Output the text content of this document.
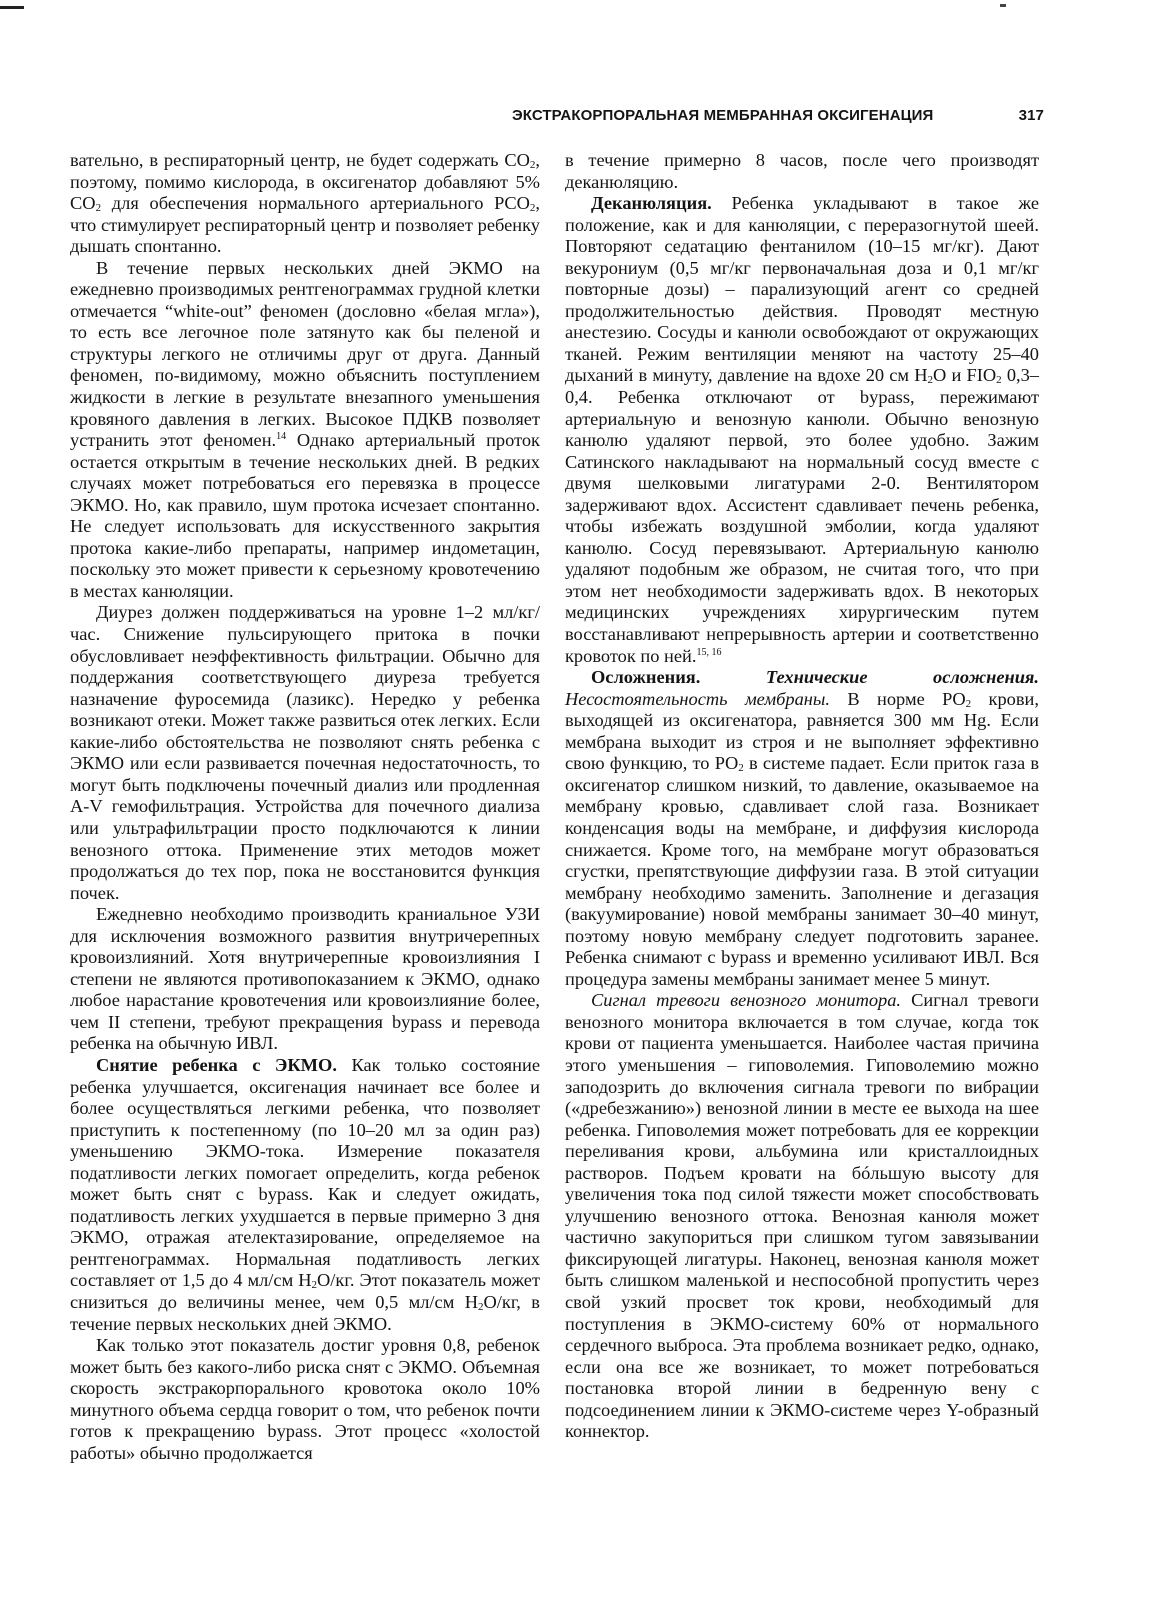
ЭКСТРАКОРПОРАЛЬНАЯ МЕМБРАННАЯ ОКСИГЕНАЦИЯ	317

вательно, в респираторный центр, не будет содержать $CO_2$, поэтому, помимо кислорода, в оксигенатор добавляют 5% $CO_2$ для обеспечения нормального артериального $PCO_2$, что стимулирует респираторный центр и позволяет ребенку дышать спонтанно.

В течение первых нескольких дней ЭКМО на ежедневно производимых рентгенограммах грудной клетки отмечается “white-out” феномен (дословно «белая мгла»), то есть все легочное поле затянуто как бы пеленой и структуры легкого не отличимы друг от друга. Данный феномен, по-видимому, можно объяснить поступлением жидкости в легкие в результате внезапного уменьшения кровяного давления в легких. Высокое ПДКВ позволяет устранить этот феномен.$^{14}$ Однако артериальный проток остается открытым в течение нескольких дней. В редких случаях может потребоваться его перевязка в процессе ЭКМО. Но, как правило, шум протока исчезает спонтанно. Не следует использовать для искусственного закрытия протока какие-либо препараты, например индометацин, поскольку это может привести к серьезному кровотечению в местах канюляции.

Диурез должен поддерживаться на уровне 1–2 мл/кг/час. Снижение пульсирующего притока в почки обусловливает неэффективность фильтрации. Обычно для поддержания соответствующего диуреза требуется назначение фуросемида (лазикс). Нередко у ребенка возникают отеки. Может также развиться отек легких. Если какие-либо обстоятельства не позволяют снять ребенка с ЭКМО или если развивается почечная недостаточность, то могут быть подключены почечный диализ или продленная A-V гемофильтрация. Устройства для почечного диализа или ультрафильтрации просто подключаются к линии венозного оттока. Применение этих методов может продолжаться до тех пор, пока не восстановится функция почек.

Ежедневно необходимо производить краниальное УЗИ для исключения возможного развития внутричерепных кровоизлияний. Хотя внутричерепные кровоизлияния I степени не являются противопоказанием к ЭКМО, однако любое нарастание кровотечения или кровоизлияние более, чем II степени, требуют прекращения bypass и перевода ребенка на обычную ИВЛ.

Снятие ребенка с ЭКМО. Как только состояние ребенка улучшается, оксигенация начинает все более и более осуществляться легкими ребенка, что позволяет приступить к постепенному (по 10–20 мл за один раз) уменьшению ЭКМО-тока. Измерение показателя податливости легких помогает определить, когда ребенок может быть снят с bypass. Как и следует ожидать, податливость легких ухудшается в первые примерно 3 дня ЭКМО, отражая ателектазирование, определяемое на рентгенограммах. Нормальная податливость легких составляет от 1,5 до 4 мл/см $H_2O/кг$. Этот показатель может снизиться до величины менее, чем 0,5 мл/см $H_2O/кг$, в течение первых нескольких дней ЭКМО.

Как только этот показатель достиг уровня 0,8, ребенок может быть без какого-либо риска снят с ЭКМО. Объемная скорость экстракорпорального кровотока около 10% минутного объема сердца говорит о том, что ребенок почти готов к прекращению bypass. Этот процесс «холостой работы» обычно продолжается

в течение примерно 8 часов, после чего производят деканюляцию.

Деканюляция. Ребенка укладывают в такое же положение, как и для канюляции, с переразогнутой шеей. Повторяют седатацию фентанилом (10–15 мг/кг). Дают векурониум (0,5 мг/кг первоначальная доза и 0,1 мг/кг повторные дозы) – парализующий агент со средней продолжительностью действия. Проводят местную анестезию. Сосуды и канюли освобождают от окружающих тканей. Режим вентиляции меняют на частоту 25–40 дыханий в минуту, давление на вдохе 20 см $H_2O$ и $FIO_2$ 0,3–0,4. Ребенка отключают от bypass, пережимают артериальную и венозную канюли. Обычно венозную канюлю удаляют первой, это более удобно. Зажим Сатинского накладывают на нормальный сосуд вместе с двумя шелковыми лигатурами 2-0. Вентилятором задерживают вдох. Ассистент сдавливает печень ребенка, чтобы избежать воздушной эмболии, когда удаляют канюлю. Сосуд перевязывают. Артериальную канюлю удаляют подобным же образом, не считая того, что при этом нет необходимости задерживать вдох. В некоторых медицинских учреждениях хирургическим путем восстанавливают непрерывность артерии и соответственно кровоток по ней.$^{15, 16}$

Осложнения. Технические осложнения. Несостоятельность мембраны. В норме $PO_2$ крови, выходящей из оксигенатора, равняется 300 мм Hg. Если мембрана выходит из строя и не выполняет эффективно свою функцию, то $PO_2$ в системе падает. Если приток газа в оксигенатор слишком низкий, то давление, оказываемое на мембрану кровью, сдавливает слой газа. Возникает конденсация воды на мембране, и диффузия кислорода снижается. Кроме того, на мембране могут образоваться сгустки, препятствующие диффузии газа. В этой ситуации мембрану необходимо заменить. Заполнение и дегазация (вакуумирование) новой мембраны занимает 30–40 минут, поэтому новую мембрану следует подготовить заранее. Ребенка снимают с bypass и временно усиливают ИВЛ. Вся процедура замены мембраны занимает менее 5 минут.

Сигнал тревоги венозного монитора. Сигнал тревоги венозного монитора включается в том случае, когда ток крови от пациента уменьшается. Наиболее частая причина этого уменьшения – гиповолемия. Гиповолемию можно заподозрить до включения сигнала тревоги по вибрации («дребезжанию») венозной линии в месте ее выхода на шее ребенка. Гиповолемия может потребовать для ее коррекции переливания крови, альбумина или кристаллоидных растворов. Подъем кровати на бóльшую высоту для увеличения тока под силой тяжести может способствовать улучшению венозного оттока. Венозная канюля может частично закупориться при слишком тугом завязывании фиксирующей лигатуры. Наконец, венозная канюля может быть слишком маленькой и неспособной пропустить через свой узкий просвет ток крови, необходимый для поступления в ЭКМО-систему 60% от нормального сердечного выброса. Эта проблема возникает редко, однако, если она все же возникает, то может потребоваться постановка второй линии в бедренную вену с подсоединением линии к ЭКМО-системе через Y-образный коннектор.
